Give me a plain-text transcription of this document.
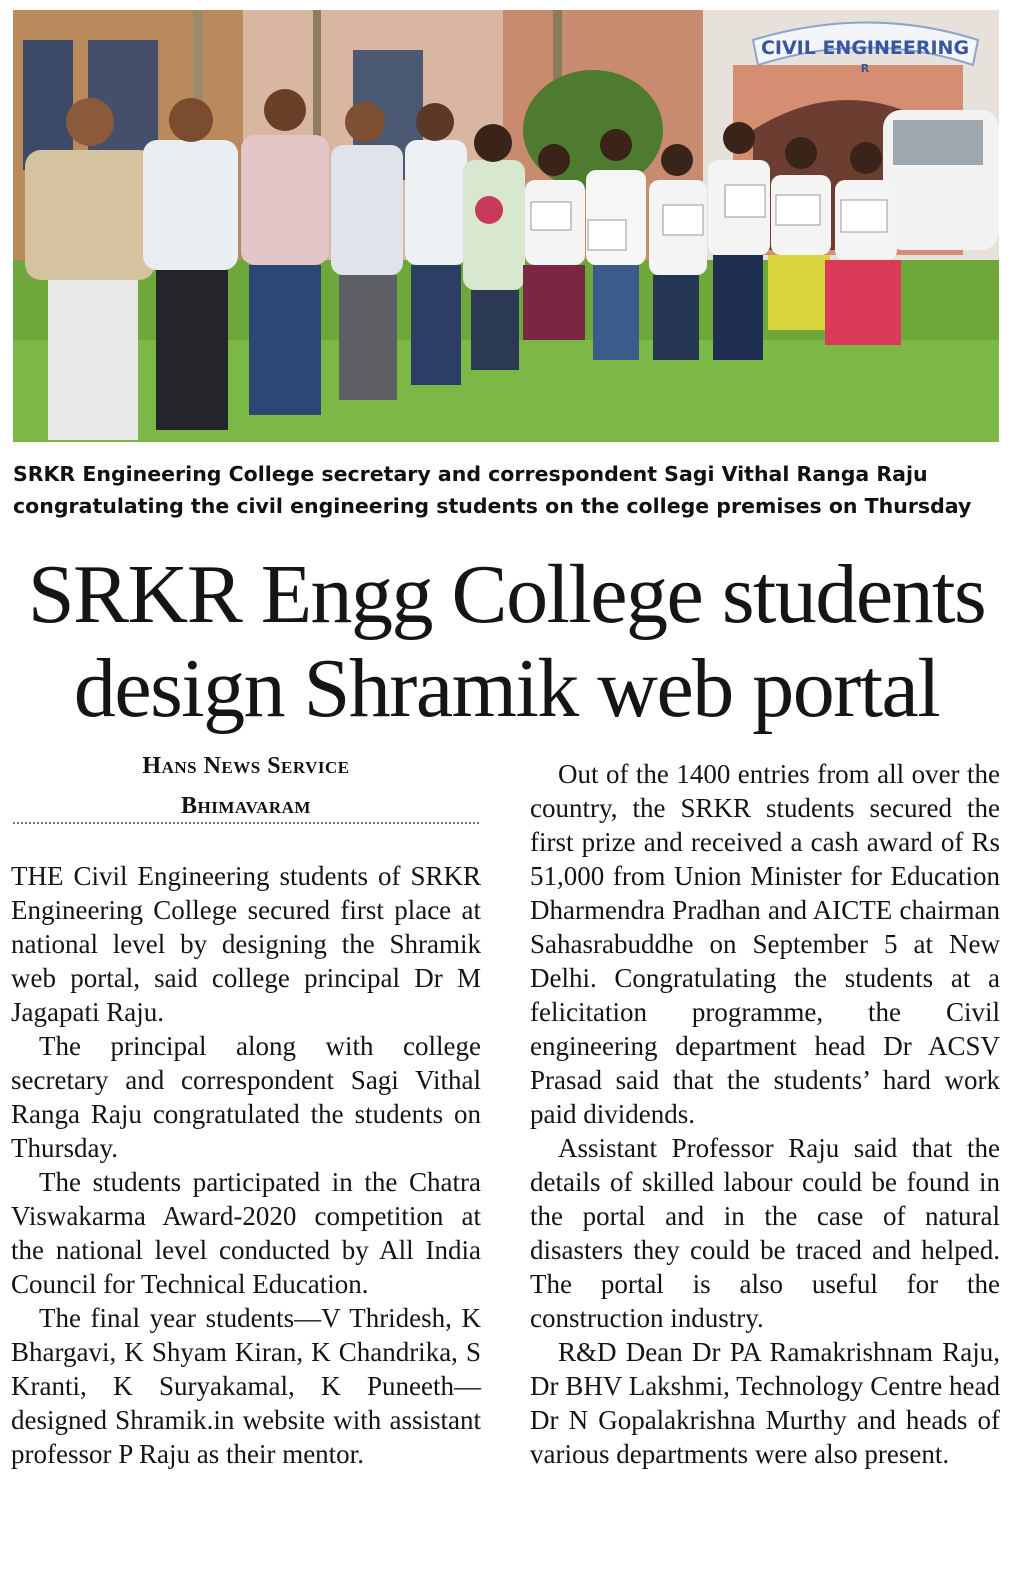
CIVIL ENGINEERING
R
SRKR Engineering College secretary and correspondent Sagi Vithal Ranga Raju congratulating the civil engineering students on the college premises on Thursday
SRKR Engg College students
design Shramik web portal
Hans News Service
Bhimavaram

THE Civil Engineering students of SRKR Engineering College secured first place at national level by designing the Shramik web portal, said college principal Dr M Jagapati Raju.

The principal along with college secretary and correspondent Sagi Vithal Ranga Raju congratulated the students on Thursday.

The students participated in the Chatra Viswakarma Award-2020 competition at the national level conducted by All India Council for Technical Education.

The final year students—V Thridesh, K Bhargavi, K Shyam Kiran, K Chandrika, S Kranti, K Suryakamal, K Puneeth—designed Shramik.in website with assistant professor P Raju as their mentor.

Out of the 1400 entries from all over the country, the SRKR students secured the first prize and received a cash award of Rs 51,000 from Union Minister for Education Dharmendra Pradhan and AICTE chairman Sahasrabuddhe on September 5 at New Delhi. Congratulating the students at a felicitation programme, the Civil engineering department head Dr ACSV Prasad said that the students’ hard work paid dividends.

Assistant Professor Raju said that the details of skilled labour could be found in the portal and in the case of natural disasters they could be traced and helped. The portal is also useful for the construction industry.

R&D Dean Dr PA Ramakrishnam Raju, Dr BHV Lakshmi, Technology Centre head Dr N Gopalakrishna Murthy and heads of various departments were also present.
